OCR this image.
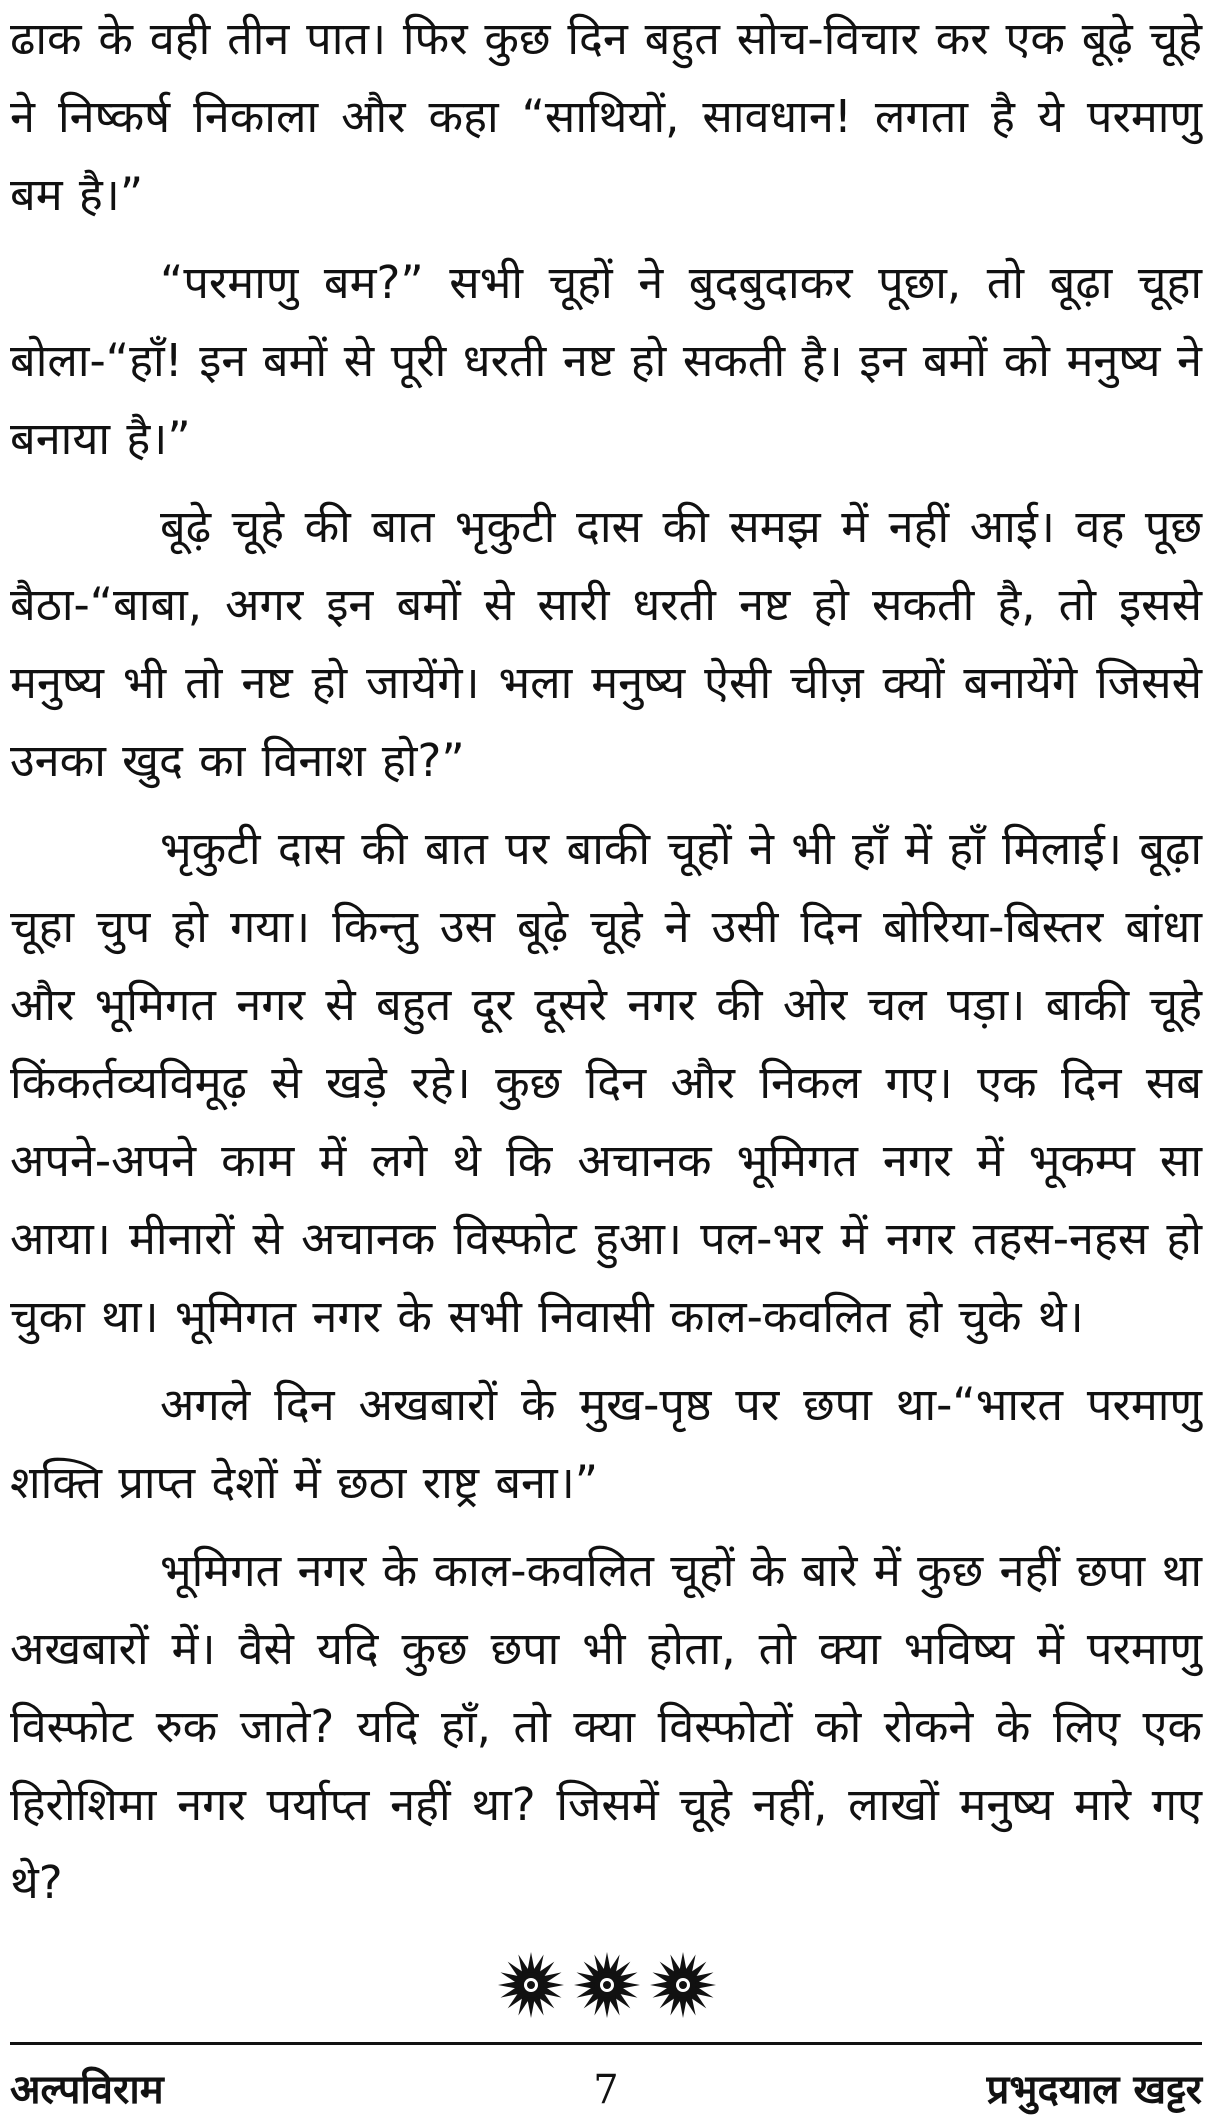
ढाक के वही तीन पात। फिर कुछ दिन बहुत सोच-विचार कर एक बूढ़े चूहे ने निष्कर्ष निकाला और कहा “साथियों, सावधान! लगता है ये परमाणु बम है।”

“परमाणु बम?” सभी चूहों ने बुदबुदाकर पूछा, तो बूढ़ा चूहा बोला-“हाँ! इन बमों से पूरी धरती नष्ट हो सकती है। इन बमों को मनुष्य ने बनाया है।”

बूढ़े चूहे की बात भृकुटी दास की समझ में नहीं आई। वह पूछ बैठा-“बाबा, अगर इन बमों से सारी धरती नष्ट हो सकती है, तो इससे मनुष्य भी तो नष्ट हो जायेंगे। भला मनुष्य ऐसी चीज़ क्यों बनायेंगे जिससे उनका खुद का विनाश हो?”

भृकुटी दास की बात पर बाकी चूहों ने भी हाँ में हाँ मिलाई। बूढ़ा चूहा चुप हो गया। किन्तु उस बूढ़े चूहे ने उसी दिन बोरिया-बिस्तर बांधा और भूमिगत नगर से बहुत दूर दूसरे नगर की ओर चल पड़ा। बाकी चूहे किंकर्तव्यविमूढ़ से खड़े रहे। कुछ दिन और निकल गए। एक दिन सब अपने-अपने काम में लगे थे कि अचानक भूमिगत नगर में भूकम्प सा आया। मीनारों से अचानक विस्फोट हुआ। पल-भर में नगर तहस-नहस हो चुका था। भूमिगत नगर के सभी निवासी काल-कवलित हो चुके थे।

अगले दिन अखबारों के मुख-पृष्ठ पर छपा था-“भारत परमाणु शक्ति प्राप्त देशों में छठा राष्ट्र बना।”

भूमिगत नगर के काल-कवलित चूहों के बारे में कुछ नहीं छपा था अखबारों में। वैसे यदि कुछ छपा भी होता, तो क्या भविष्य में परमाणु विस्फोट रुक जाते? यदि हाँ, तो क्या विस्फोटों को रोकने के लिए एक हिरोशिमा नगर पर्याप्त नहीं था? जिसमें चूहे नहीं, लाखों मनुष्य मारे गए थे?

अल्पविराम	7	प्रभुदयाल खट्टर
